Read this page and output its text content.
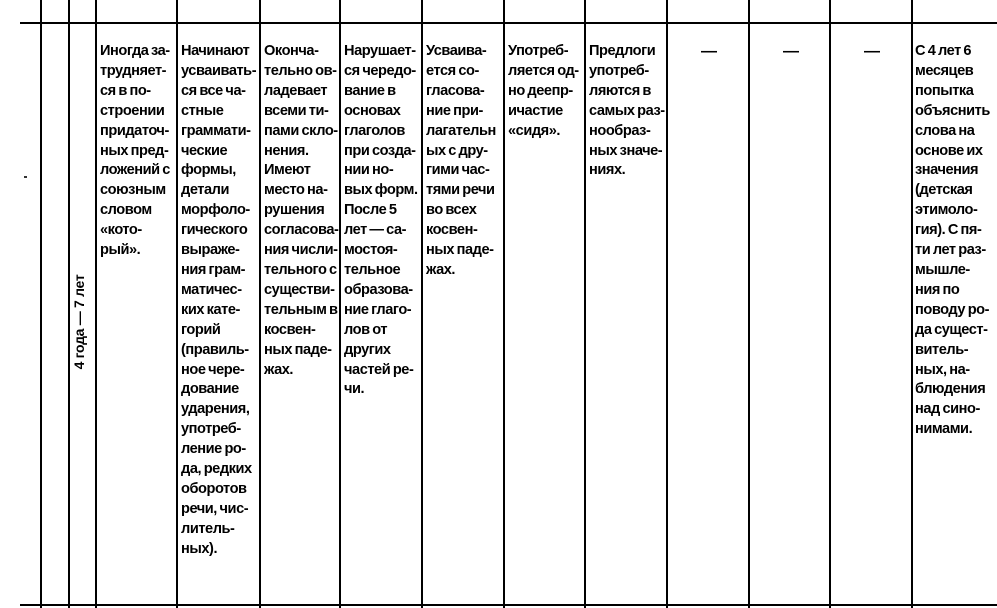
4 года — 7 лет
Иногда за-
трудняет-
ся в по-
строении
придаточ-
ных пред-
ложений с
союзным
словом
«кото-
рый».
Начинают
усваивать-
ся все ча-
стные
граммати-
ческие
формы,
детали
морфоло-
гического
выраже-
ния грам-
матичес-
ких кате-
горий
(правиль-
ное чере-
дование
ударения,
употреб-
ление ро-
да, редких
оборотов
речи, чис-
литель-
ных).
Оконча-
тельно ов-
ладевает
всеми ти-
пами скло-
нения.
Имеют
место на-
рушения
согласова-
ния числи-
тельного с
существи-
тельным в
косвен-
ных паде-
жах.
Нарушает-
ся чередо-
вание в
основах
глаголов
при созда-
нии но-
вых форм.
После 5
лет — са-
мостоя-
тельное
образова-
ние глаго-
лов от
других
частей ре-
чи.
Усваива-
ется со-
гласова-
ние при-
лагательн
ых с дру-
гими час-
тями речи
во всех
косвен-
ных паде-
жах.
Употреб-
ляется од-
но деепр-
ичастие
«сидя».
Предлоги
употреб-
ляются в
самых раз-
нообраз-
ных значе-
ниях.
—	—	— С 4 лет 6
месяцев
попытка
объяснить
слова на
основе их
значения
(детская
этимоло-
гия). С пя-
ти лет раз-
мышле-
ния по
поводу ро-
да сущест-
витель-
ных, на-
блюдения
над сино-
нимами.
